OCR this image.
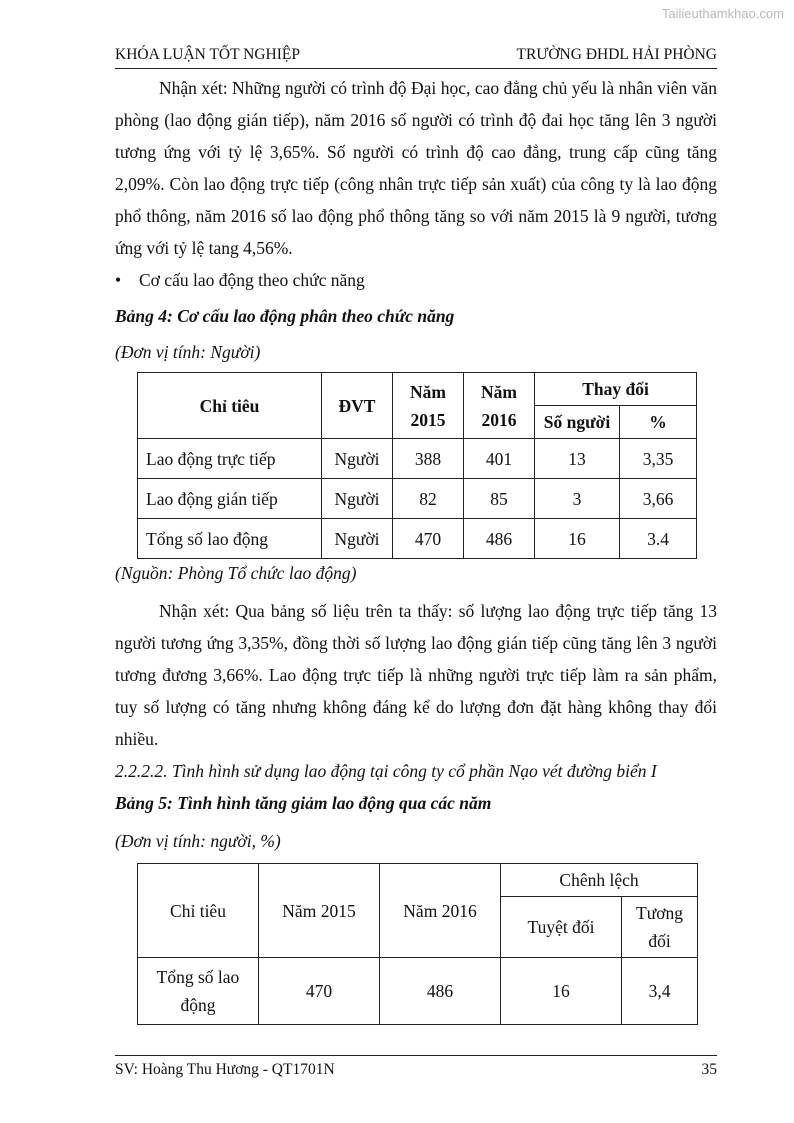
Tailieuthamkhao.com
KHÓA LUẬN TỐT NGHIỆP	TRƯỜNG ĐHDL HẢI PHÒNG

Nhận xét: Những người có trình độ Đại học, cao đẳng chủ yếu là nhân viên văn phòng (lao động gián tiếp), năm 2016 số người có trình độ đai học tăng lên 3 người tương ứng với tỷ lệ 3,65%. Số người có trình độ cao đẳng, trung cấp cũng tăng 2,09%. Còn lao động trực tiếp (công nhân trực tiếp sản xuất) của công ty là lao động phổ thông, năm 2016 số lao động phổ thông tăng so với năm 2015 là 9 người, tương ứng với tỷ lệ tang 4,56%.

• Cơ cấu lao động theo chức năng

Bảng 4: Cơ cấu lao động phân theo chức năng

(Đơn vị tính: Người)

Chỉ tiêu	ĐVT	Năm 2015	Năm 2016	Thay đổi	
				Số người	%
Lao động trực tiếp	Người	388	401	13	3,35
Lao động gián tiếp	Người	82	85	3	3,66
Tổng số lao động	Người	470	486	16	3.4

(Nguồn: Phòng Tổ chức lao động)

Nhận xét: Qua bảng số liệu trên ta thấy: số lượng lao động trực tiếp tăng 13 người tương ứng 3,35%, đồng thời số lượng lao động gián tiếp cũng tăng lên 3 người tương đương 3,66%. Lao động trực tiếp là những người trực tiếp làm ra sản phẩm, tuy số lượng có tăng nhưng không đáng kể do lượng đơn đặt hàng không thay đổi nhiều.

2.2.2.2. Tình hình sử dụng lao động tại công ty cổ phần Nạo vét đường biển I

Bảng 5: Tình hình tăng giảm lao động qua các năm

(Đơn vị tính: người, %)

Chỉ tiêu	Năm 2015	Năm 2016	Chênh lệch	
			Tuyệt đối	Tương đối
Tổng số lao động	470	486	16	3,4
SV: Hoàng Thu Hương - QT1701N	35
